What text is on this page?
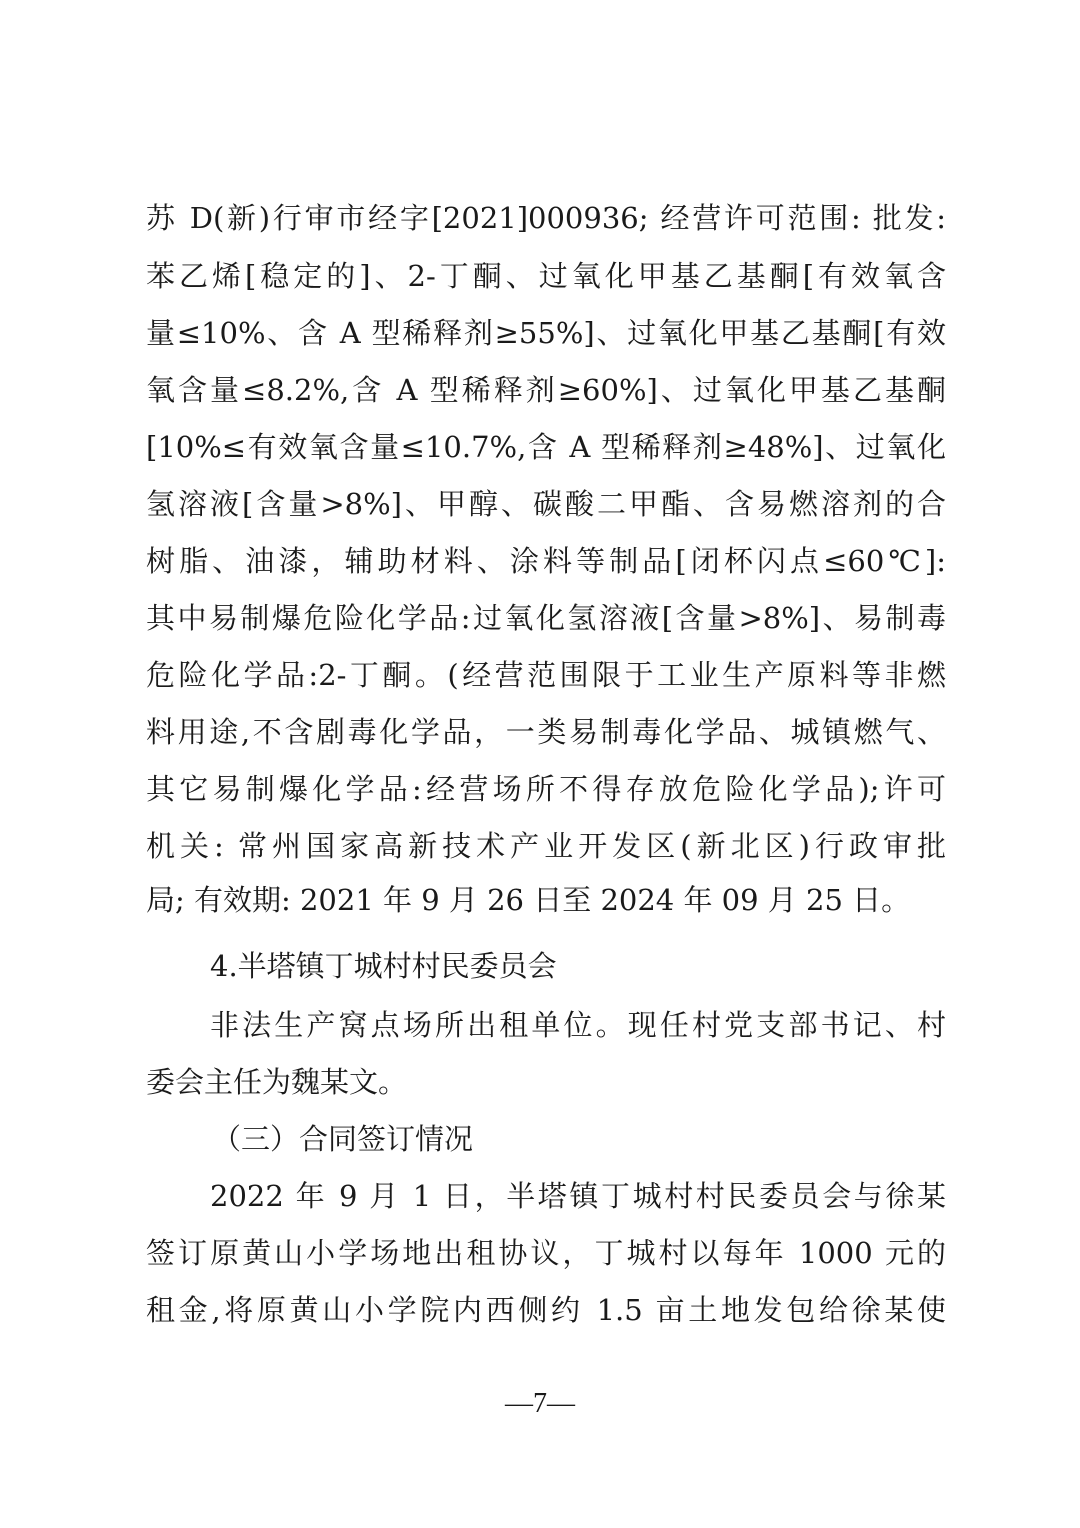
苏 D(新)行审市经字[2021]000936; 经营许可范围: 批发:
苯乙烯[稳定的]、2-丁酮、过氧化甲基乙基酮[有效氧含
量≤10%、含 A 型稀释剂≥55%]、过氧化甲基乙基酮[有效
氧含量≤8.2%,含 A 型稀释剂≥60%]、过氧化甲基乙基酮
[10%≤有效氧含量≤10.7%,含 A 型稀释剂≥48%]、过氧化
氢溶液[含量>8%]、甲醇、碳酸二甲酯、含易燃溶剂的合
树脂、油漆，辅助材料、涂料等制品[闭杯闪点≤60℃]:
其中易制爆危险化学品:过氧化氢溶液[含量>8%]、易制毒
危险化学品:2-丁酮。(经营范围限于工业生产原料等非燃
料用途,不含剧毒化学品，一类易制毒化学品、城镇燃气、
其它易制爆化学品:经营场所不得存放危险化学品);许可
机关: 常州国家高新技术产业开发区(新北区)行政审批
局; 有效期: 2021 年 9 月 26 日至 2024 年 09 月 25 日。
4.半塔镇丁城村村民委员会
非法生产窝点场所出租单位。现任村党支部书记、村
委会主任为魏某文。
（三）合同签订情况
2022 年 9 月 1 日，半塔镇丁城村村民委员会与徐某
签订原黄山小学场地出租协议，丁城村以每年 1000 元的
租金,将原黄山小学院内西侧约 1.5 亩土地发包给徐某使
—7—
